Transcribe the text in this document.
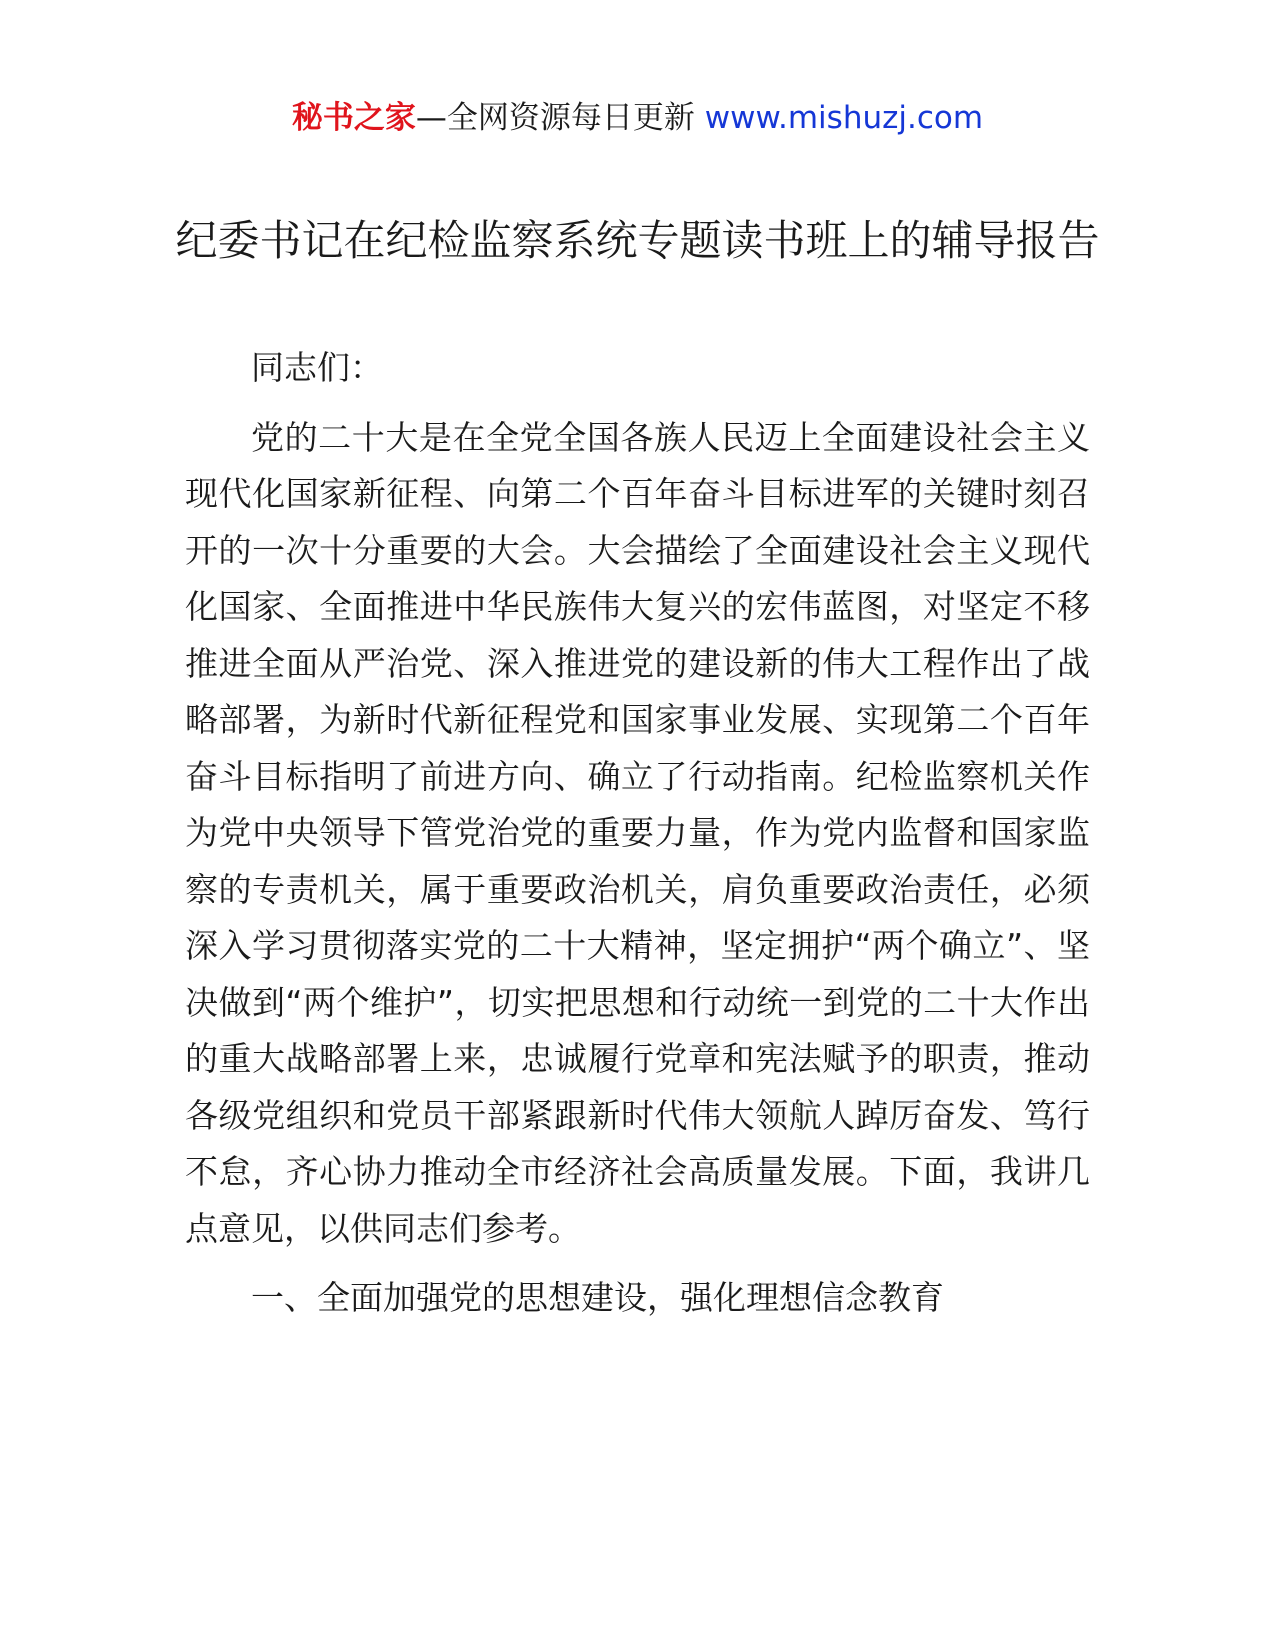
秘书之家—全网资源每日更新 www.mishuzj.com
纪委书记在纪检监察系统专题读书班上的辅导报告

同志们：

党的二十大是在全党全国各族人民迈上全面建设社会主义现代化国家新征程、向第二个百年奋斗目标进军的关键时刻召开的一次十分重要的大会。大会描绘了全面建设社会主义现代化国家、全面推进中华民族伟大复兴的宏伟蓝图，对坚定不移推进全面从严治党、深入推进党的建设新的伟大工程作出了战略部署，为新时代新征程党和国家事业发展、实现第二个百年奋斗目标指明了前进方向、确立了行动指南。纪检监察机关作为党中央领导下管党治党的重要力量，作为党内监督和国家监察的专责机关，属于重要政治机关，肩负重要政治责任，必须深入学习贯彻落实党的二十大精神，坚定拥护“两个确立”、坚决做到“两个维护”，切实把思想和行动统一到党的二十大作出的重大战略部署上来，忠诚履行党章和宪法赋予的职责，推动各级党组织和党员干部紧跟新时代伟大领航人踔厉奋发、笃行不怠，齐心协力推动全市经济社会高质量发展。下面，我讲几点意见，以供同志们参考。

一、全面加强党的思想建设，强化理想信念教育
